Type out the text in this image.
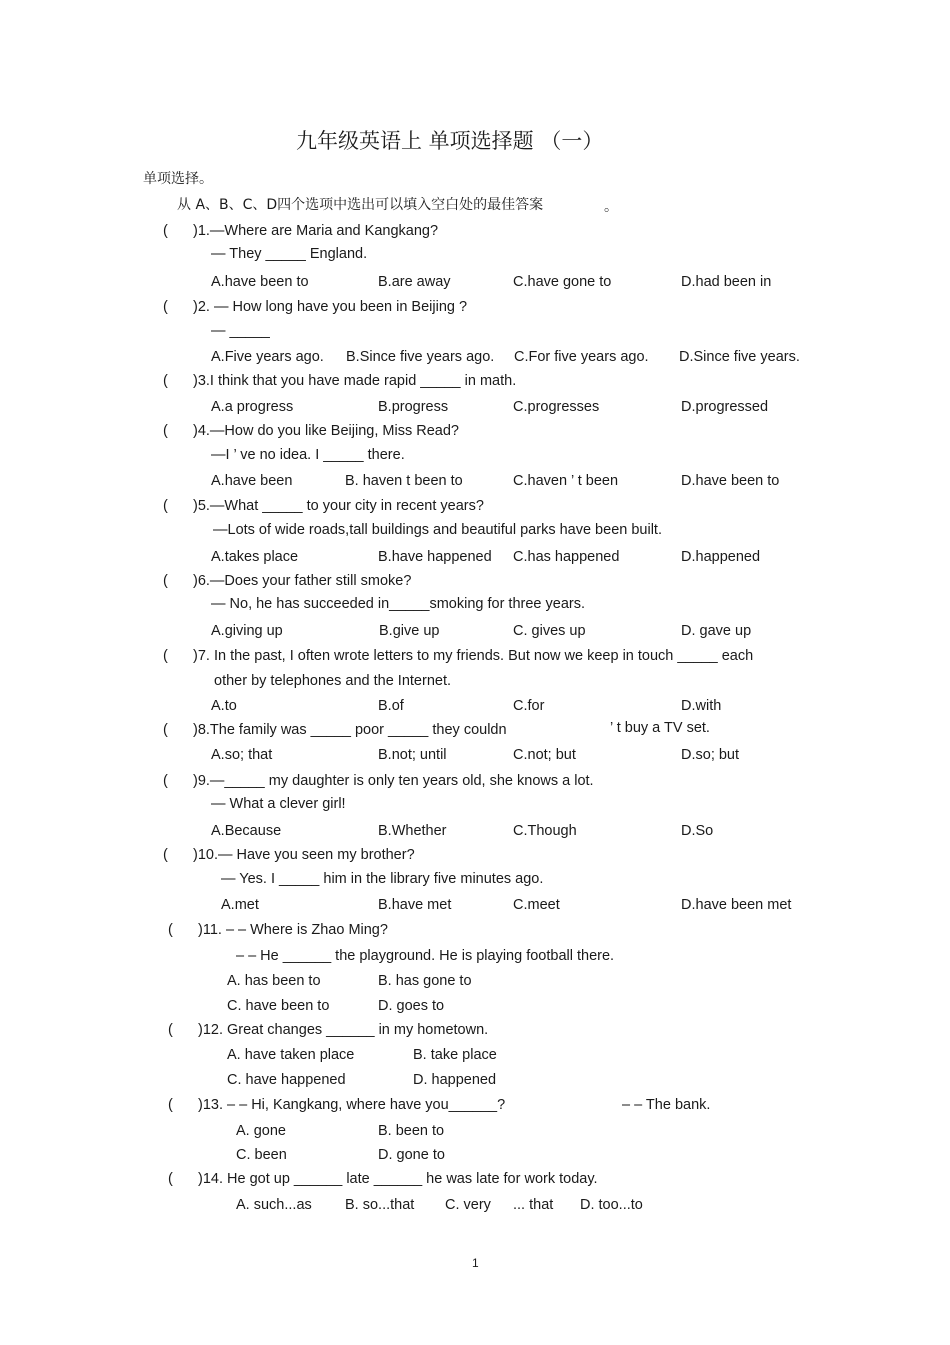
九年级英语上 单项选择题 （一）
单项选择。
从 A、B、C、D四个选项中选出可以填入空白处的最佳答案	。
( )1.—Where are Maria and Kangkang?
— They _____ England.
A.have been to	B.are away	C.have gone to	D.had been in
( )2. — How long have you been in Beijing ?
— _____
A.Five years ago. B.Since five years ago. C.For five years ago. D.Since five years.
( )3.I think that you have made rapid _____ in math.
A.a progress	B.progress	C.progresses	D.progressed
( )4.—How do you like Beijing, Miss Read?
—I ’ ve no idea. I _____ there.
A.have been	B. haven t been to	C.haven ’ t been	D.have been to
( )5.—What _____ to your city in recent years?
—Lots of wide roads,tall buildings and beautiful parks have been built.
A.takes place	B.have happened C.has happened	D.happened
( )6.—Does your father still smoke?
— No, he has succeeded in_____smoking for three years.
A.giving up	B.give up	C. gives up	D. gave up
( )7. In the past, I often wrote letters to my friends. But now we keep in touch _____ each
other by telephones and the Internet.
A.to	B.of	C.for	D.with
( )8.The family was _____ poor _____ they couldn	’ t buy a TV set.
A.so; that	B.not; until	C.not; but	D.so; but
( )9.—_____ my daughter is only ten years old, she knows a lot.
— What a clever girl!
A.Because	B.Whether	C.Though	D.So
( )10.— Have you seen my brother?
— Yes. I _____ him in the library five minutes ago.
A.met	B.have met	C.meet	D.have been met
( )11. – – Where is Zhao Ming?
– – He ______ the playground. He is playing football there.
A. has been to	B. has gone to
C. have been to	D. goes to
( )12. Great changes ______ in my hometown.
A. have taken place	B. take place
C. have happened	D. happened
( )13. – – Hi, Kangkang, where have you______?	– – The bank.
A. gone	B. been to
C. been	D. gone to
( )14. He got up ______ late ______ he was late for work today.
A. such...as B. so...that C. very ... that D. too...to
1
